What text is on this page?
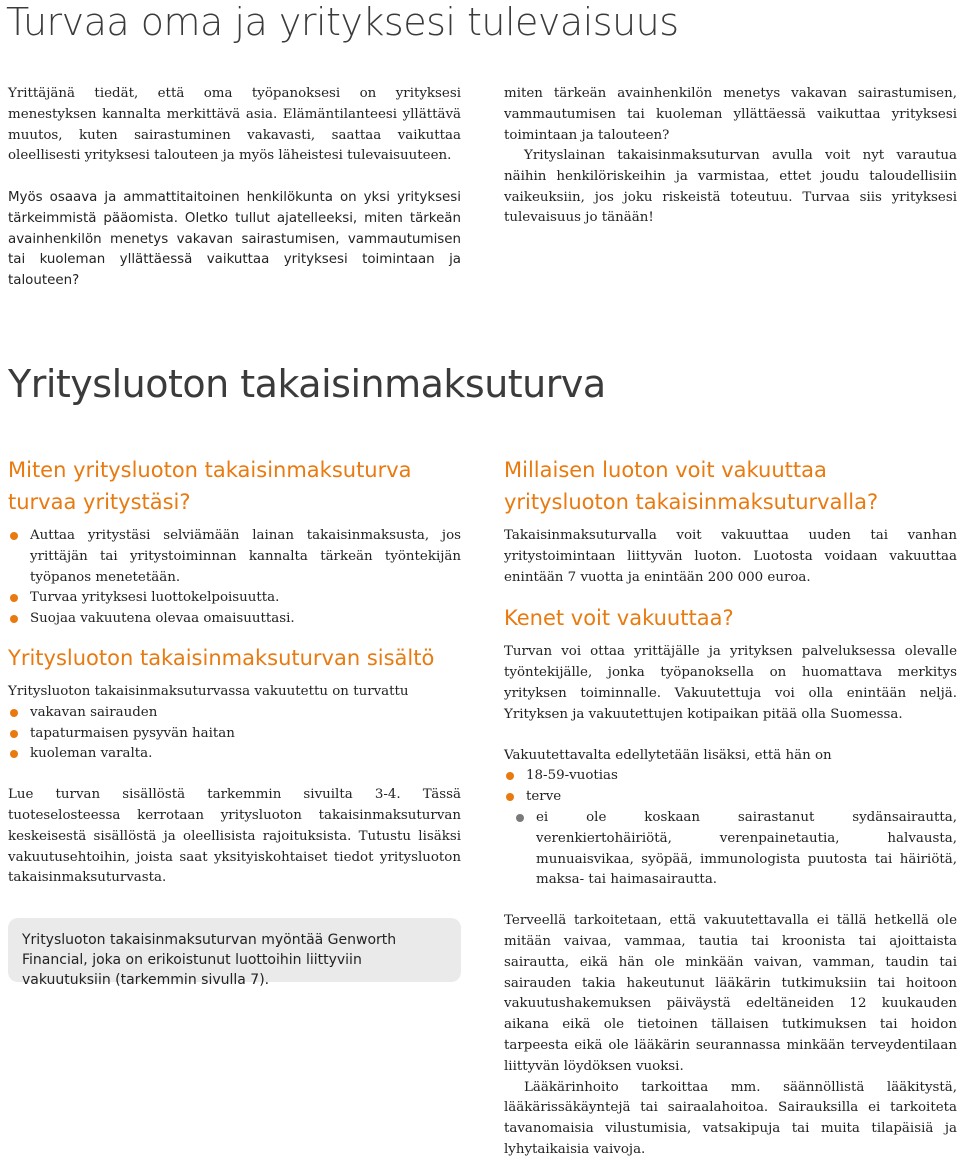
Turvaa oma ja yrityksesi tulevaisuus

Yrittäjänä tiedät, että oma työpanoksesi on yrityksesi menestyksen kannalta merkittävä asia. Elämäntilanteesi yllättävä muutos, kuten sairastuminen vakavasti, saattaa vaikuttaa oleellisesti yrityksesi talouteen ja myös läheistesi tulevaisuuteen.

Myös osaava ja ammattitaitoinen henkilökunta on yksi yrityksesi tärkeimmistä pääomista. Oletko tullut ajatelleeksi, miten tärkeän avainhenkilön menetys vakavan sairastumisen, vammautumisen tai kuoleman yllättäessä vaikuttaa yrityksesi toimintaan ja talouteen?

Yrityslainan takaisinmaksuturvan avulla voit nyt varautua näihin henkilöriskeihin ja varmistaa, ettet joudu taloudellisiin vaikeuksiin, jos joku riskeistä toteutuu. Turvaa siis yrityksesi tulevaisuus jo tänään!

miten tärkeän avainhenkilön menetys vakavan sairastumisen, vammautumisen tai kuoleman yllättäessä vaikuttaa yrityksesi toimintaan ja talouteen?

Yritysluoton takaisinmaksuturva
Miten yritysluoton takaisinmaksuturva turvaa yritystäsi?
Auttaa yritystäsi selviämään lainan takaisinmaksusta, jos yrittäjän tai yritystoiminnan kannalta tärkeän työntekijän työpanos menetetään.
Turvaa yrityksesi luottokelpoisuutta.
Suojaa vakuutena olevaa omaisuuttasi.
Yritysluoton takaisinmaksuturvan sisältö

Yritysluoton takaisinmaksuturvassa vakuutettu on turvattu

vakavan sairauden
tapaturmaisen pysyvän haitan
kuoleman varalta.

Lue turvan sisällöstä tarkemmin sivuilta 3-4. Tässä tuoteselosteessa kerrotaan yritysluoton takaisinmaksuturvan keskeisestä sisällöstä ja oleellisista rajoituksista. Tutustu lisäksi vakuutusehtoihin, joista saat yksityiskohtaiset tiedot yritysluoton takaisinmaksuturvasta.

Yritysluoton takaisinmaksuturvan myöntää Genworth Financial, joka on erikoistunut luottoihin liittyviin vakuutuksiin (tarkemmin sivulla 7).
Millaisen luoton voit vakuuttaa yritysluoton takaisinmaksuturvalla?

Takaisinmaksuturvalla voit vakuuttaa uuden tai vanhan yritystoimintaan liittyvän luoton. Luotosta voidaan vakuuttaa enintään 7 vuotta ja enintään 200 000 euroa.

Kenet voit vakuuttaa?

Turvan voi ottaa yrittäjälle ja yrityksen palveluksessa olevalle työntekijälle, jonka työpanoksella on huomattava merkitys yrityksen toiminnalle. Vakuutettuja voi olla enintään neljä. Yrityksen ja vakuutettujen kotipaikan pitää olla Suomessa.

Vakuutettavalta edellytetään lisäksi, että hän on

18-59-vuotias
terve
ei ole koskaan sairastanut sydänsairautta, verenkiertohäiriötä, verenpainetautia, halvausta, munuaisvikaa, syöpää, immunologista puutosta tai häiriötä, maksa- tai haimasairautta.

Terveellä tarkoitetaan, että vakuutettavalla ei tällä hetkellä ole mitään vaivaa, vammaa, tautia tai kroonista tai ajoittaista sairautta, eikä hän ole minkään vaivan, vamman, taudin tai sairauden takia hakeutunut lääkärin tutkimuksiin tai hoitoon vakuutushakemuksen päiväystä edeltäneiden 12 kuukauden aikana eikä ole tietoinen tällaisen tutkimuksen tai hoidon tarpeesta eikä ole lääkärin seurannassa minkään terveydentilaan liittyvän löydöksen vuoksi.

Lääkärinhoito tarkoittaa mm. säännöllistä lääkitystä, lääkärissäkäyntejä tai sairaalahoitoa. Sairauksilla ei tarkoiteta tavanomaisia vilustumisia, vatsakipuja tai muita tilapäisiä ja lyhytaikaisia vaivoja.
